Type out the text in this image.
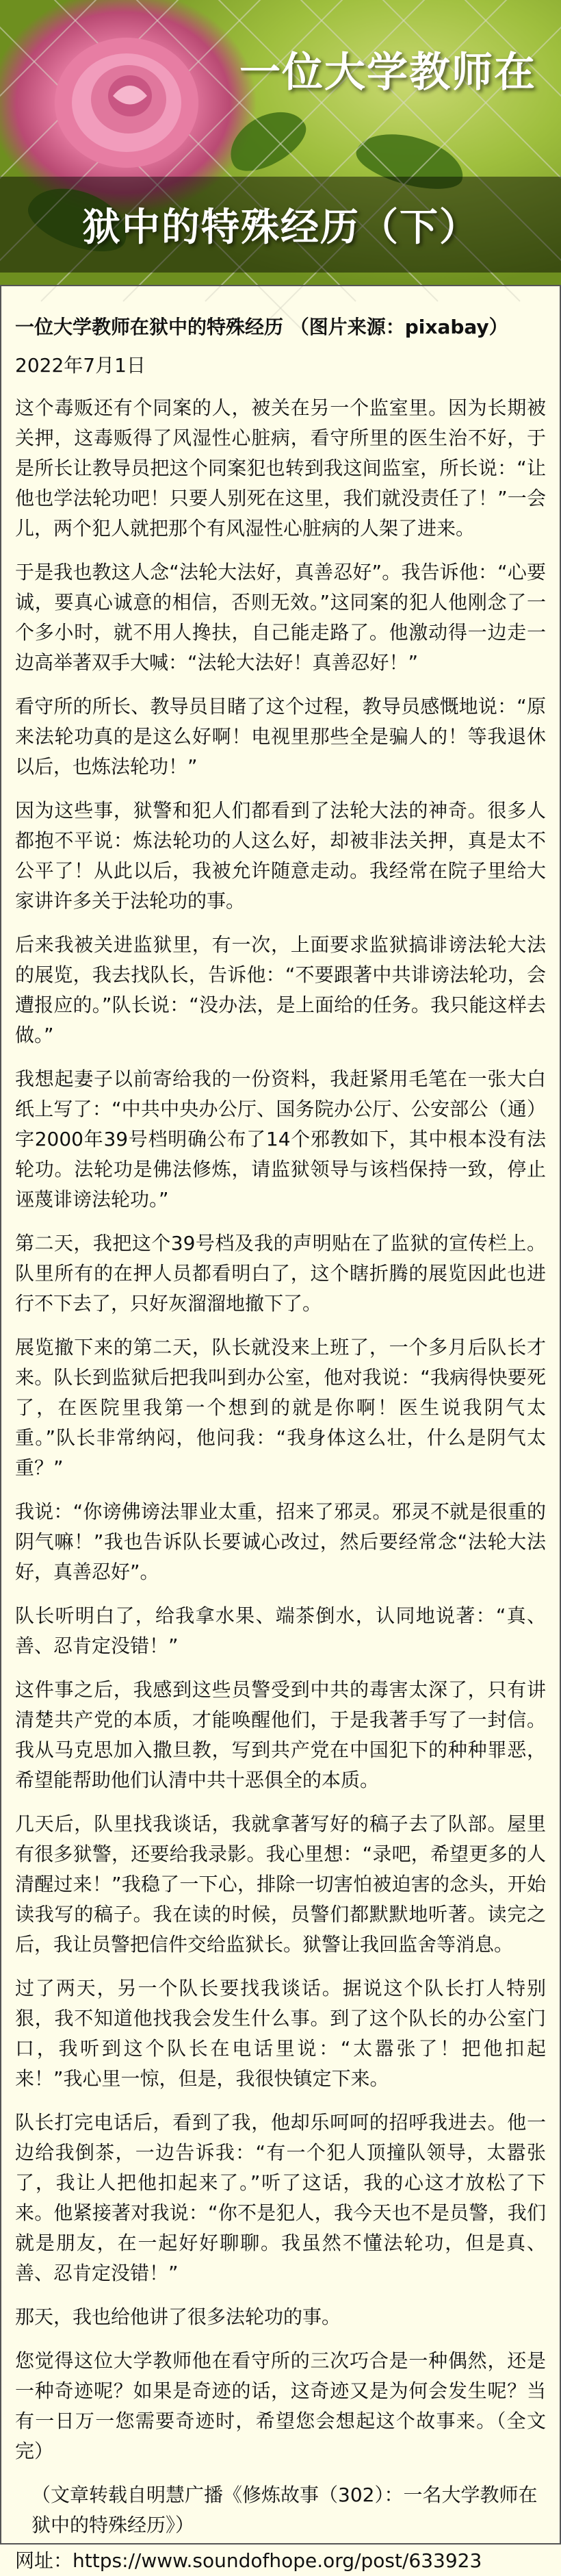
一位大学教师在
狱中的特殊经历（下）
一位大学教师在狱中的特殊经历 （图片来源：pixabay）
2022年7月1日

这个毒贩还有个同案的人，被关在另一个监室里。因为长期被关押，这毒贩得了风湿性心脏病，看守所里的医生治不好，于是所长让教导员把这个同案犯也转到我这间监室，所长说：“让他也学法轮功吧！只要人别死在这里，我们就没责任了！”一会儿，两个犯人就把那个有风湿性心脏病的人架了进来。

于是我也教这人念“法轮大法好，真善忍好”。我告诉他：“心要诚，要真心诚意的相信，否则无效。”这同案的犯人他刚念了一个多小时，就不用人搀扶，自己能走路了。他激动得一边走一边高举著双手大喊：“法轮大法好！真善忍好！”

看守所的所长、教导员目睹了这个过程，教导员感慨地说：“原来法轮功真的是这么好啊！电视里那些全是骗人的！等我退休以后，也炼法轮功！”

因为这些事，狱警和犯人们都看到了法轮大法的神奇。很多人都抱不平说：炼法轮功的人这么好，却被非法关押，真是太不公平了！从此以后，我被允许随意走动。我经常在院子里给大家讲许多关于法轮功的事。

后来我被关进监狱里，有一次，上面要求监狱搞诽谤法轮大法的展览，我去找队长，告诉他：“不要跟著中共诽谤法轮功，会遭报应的。”队长说：“没办法，是上面给的任务。我只能这样去做。”

我想起妻子以前寄给我的一份资料，我赶紧用毛笔在一张大白纸上写了：“中共中央办公厅、国务院办公厅、公安部公（通）字2000年39号档明确公布了14个邪教如下，其中根本没有法轮功。法轮功是佛法修炼，请监狱领导与该档保持一致，停止诬蔑诽谤法轮功。”

第二天，我把这个39号档及我的声明贴在了监狱的宣传栏上。队里所有的在押人员都看明白了，这个瞎折腾的展览因此也进行不下去了，只好灰溜溜地撤下了。

展览撤下来的第二天，队长就没来上班了，一个多月后队长才来。队长到监狱后把我叫到办公室，他对我说：“我病得快要死了，在医院里我第一个想到的就是你啊！医生说我阴气太重。”队长非常纳闷，他问我：“我身体这么壮，什么是阴气太重？”

我说：“你谤佛谤法罪业太重，招来了邪灵。邪灵不就是很重的阴气嘛！”我也告诉队长要诚心改过，然后要经常念“法轮大法好，真善忍好”。

队长听明白了，给我拿水果、端茶倒水，认同地说著：“真、善、忍肯定没错！”

这件事之后，我感到这些员警受到中共的毒害太深了，只有讲清楚共产党的本质，才能唤醒他们，于是我著手写了一封信。我从马克思加入撒旦教，写到共产党在中国犯下的种种罪恶，希望能帮助他们认清中共十恶俱全的本质。

几天后，队里找我谈话，我就拿著写好的稿子去了队部。屋里有很多狱警，还要给我录影。我心里想：“录吧，希望更多的人清醒过来！”我稳了一下心，排除一切害怕被迫害的念头，开始读我写的稿子。我在读的时候，员警们都默默地听著。读完之后，我让员警把信件交给监狱长。狱警让我回监舍等消息。

过了两天，另一个队长要找我谈话。据说这个队长打人特别狠，我不知道他找我会发生什么事。到了这个队长的办公室门口，我听到这个队长在电话里说：“太嚣张了！把他扣起来！”我心里一惊，但是，我很快镇定下来。

队长打完电话后，看到了我，他却乐呵呵的招呼我进去。他一边给我倒茶，一边告诉我：“有一个犯人顶撞队领导，太嚣张了，我让人把他扣起来了。”听了这话，我的心这才放松了下来。他紧接著对我说：“你不是犯人，我今天也不是员警，我们就是朋友，在一起好好聊聊。我虽然不懂法轮功，但是真、善、忍肯定没错！”

那天，我也给他讲了很多法轮功的事。

您觉得这位大学教师他在看守所的三次巧合是一种偶然，还是一种奇迹呢？如果是奇迹的话，这奇迹又是为何会发生呢？当有一日万一您需要奇迹时，希望您会想起这个故事来。（全文完）

（文章转载自明慧广播《修炼故事（302）：一名大学教师在狱中的特殊经历》）
网址：https://www.soundofhope.org/post/633923
